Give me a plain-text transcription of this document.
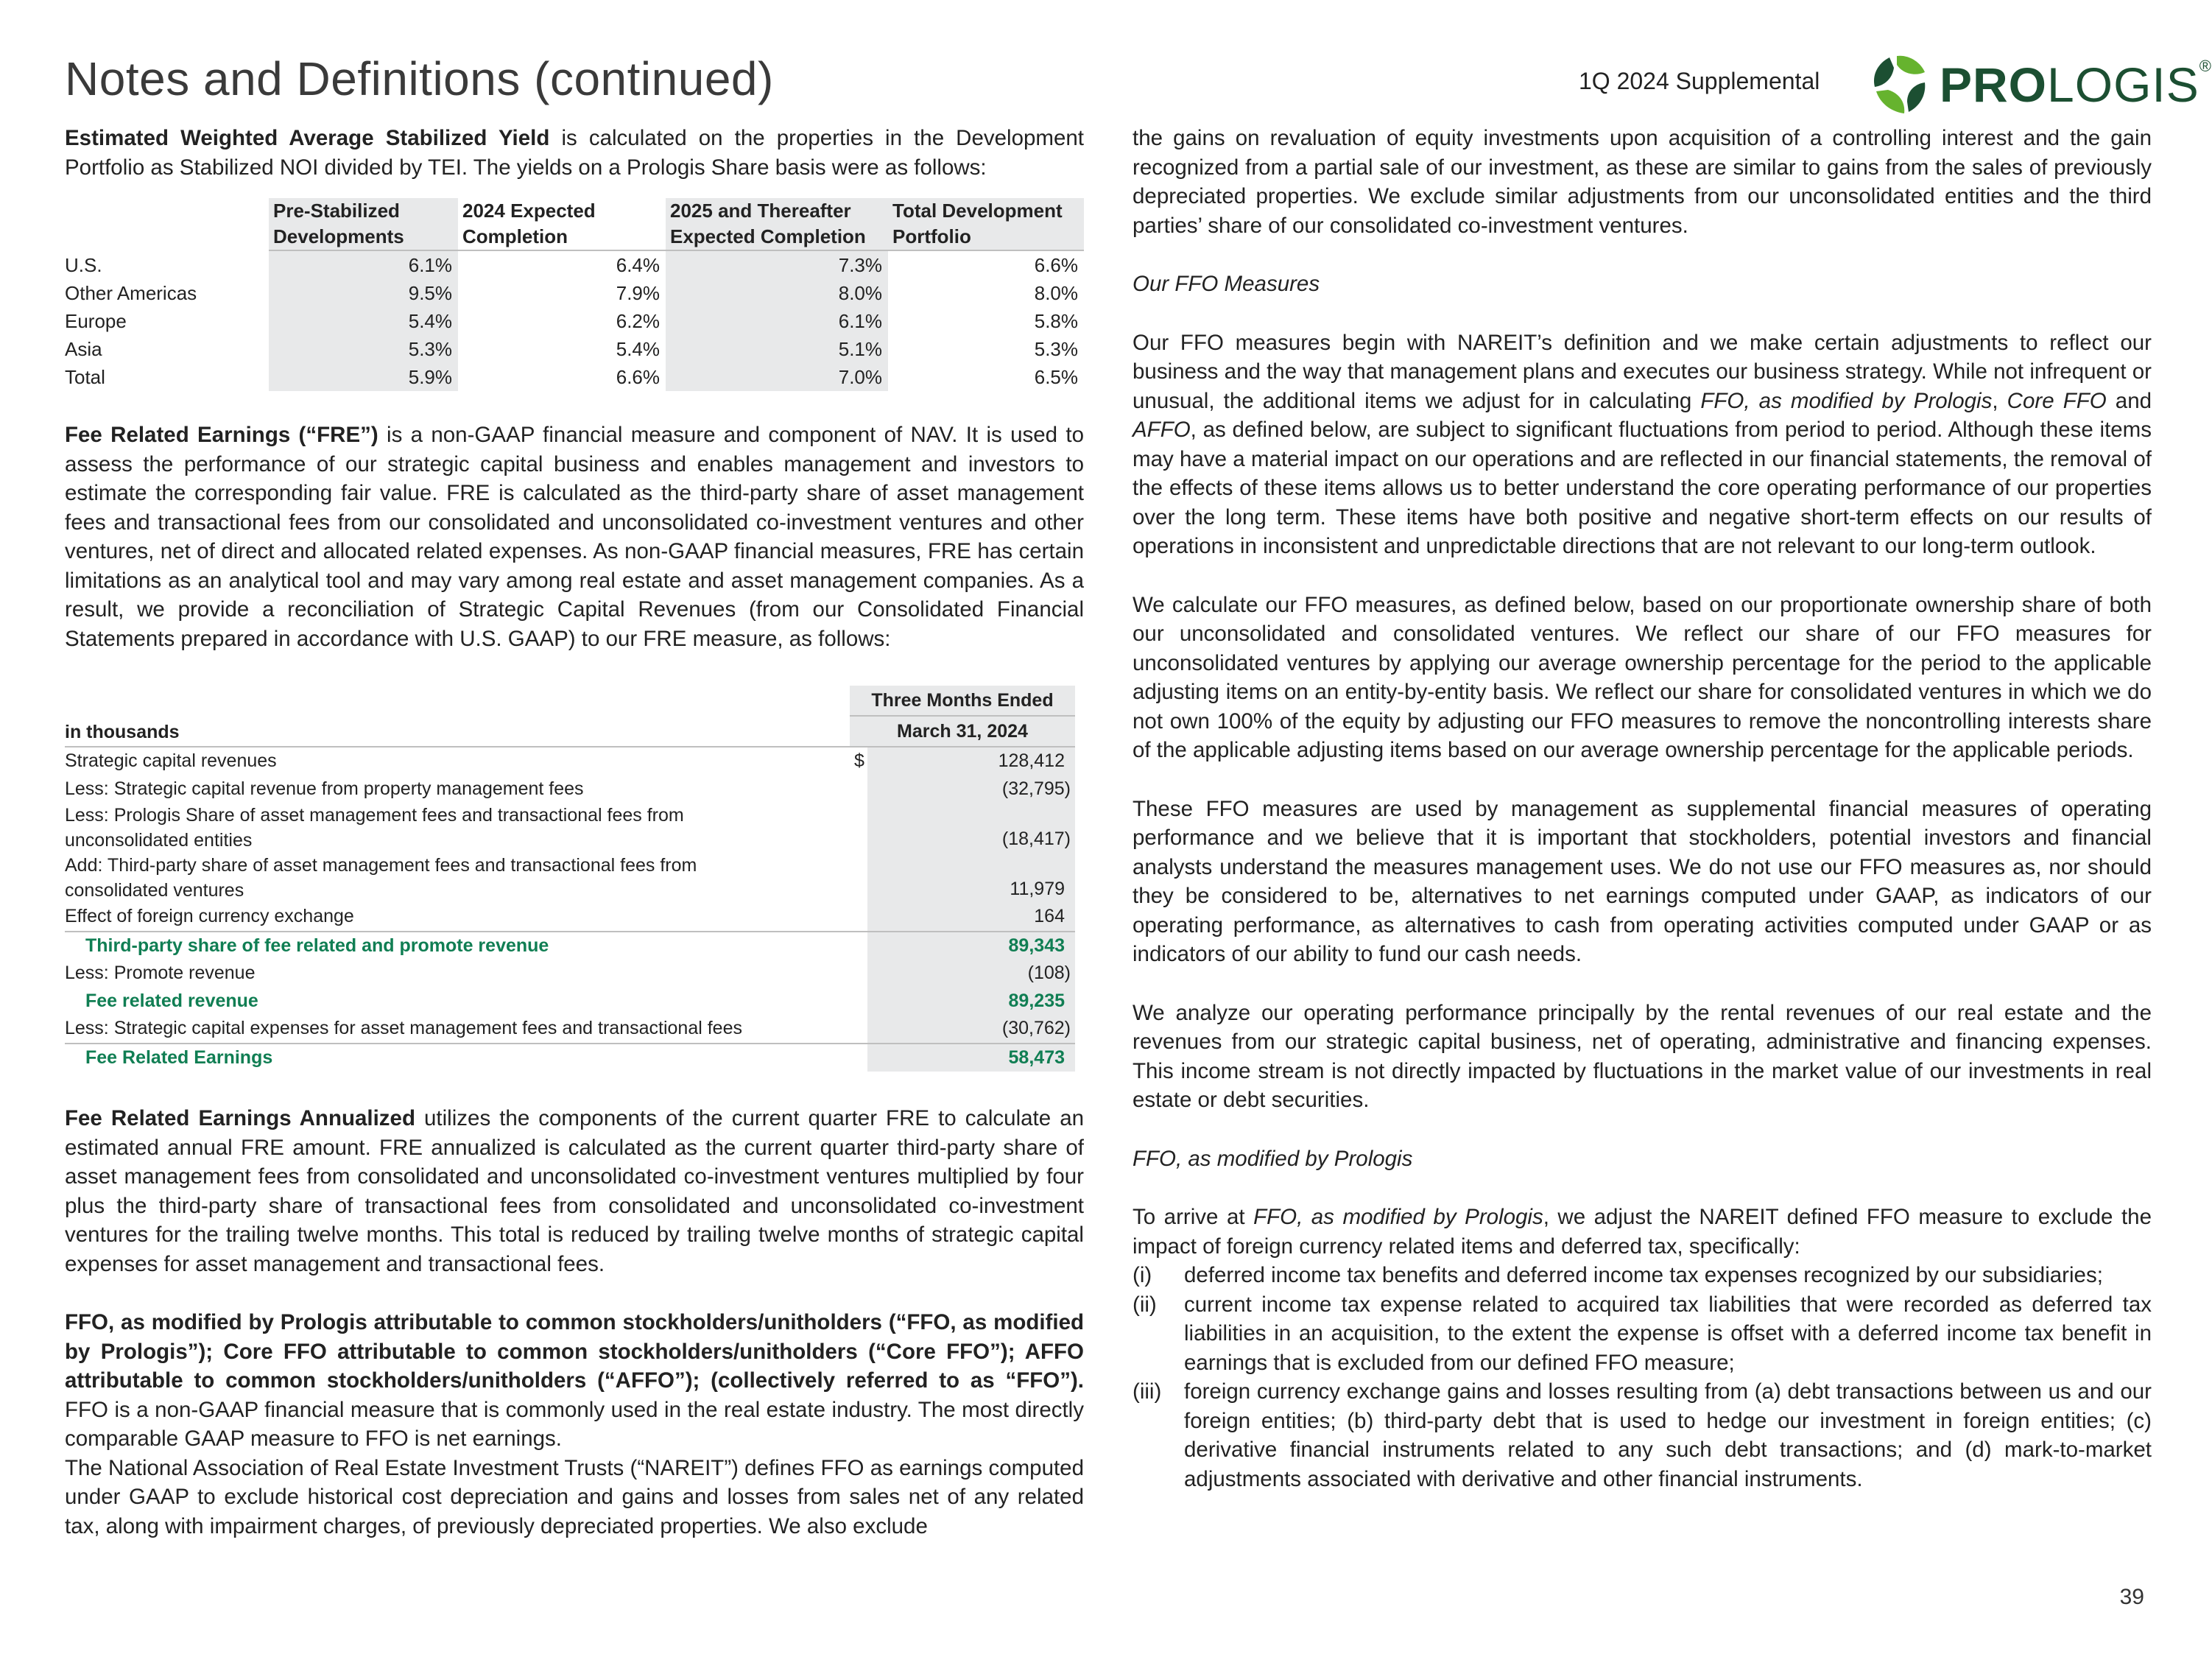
Notes and Definitions (continued)	1Q 2024 Supplemental PROLOGIS®

Estimated Weighted Average Stabilized Yield is calculated on the properties in the Development Portfolio as Stabilized NOI divided by TEI. The yields on a Prologis Share basis were as follows:

	Pre-Stabilized Developments	2024 Expected Completion	2025 and Thereafter Expected Completion	Total Development Portfolio
U.S.	6.1%	6.4%	7.3%	6.6%
Other Americas	9.5%	7.9%	8.0%	8.0%
Europe	5.4%	6.2%	6.1%	5.8%
Asia	5.3%	5.4%	5.1%	5.3%
Total	5.9%	6.6%	7.0%	6.5%

Fee Related Earnings (“FRE”) is a non-GAAP financial measure and component of NAV. It is used to assess the performance of our strategic capital business and enables management and investors to estimate the corresponding fair value. FRE is calculated as the third-party share of asset management fees and transactional fees from our consolidated and unconsolidated co-investment ventures and other ventures, net of direct and allocated related expenses. As non-GAAP financial measures, FRE has certain limitations as an analytical tool and may vary among real estate and asset management companies. As a result, we provide a reconciliation of Strategic Capital Revenues (from our Consolidated Financial Statements prepared in accordance with U.S. GAAP) to our FRE measure, as follows:

	Three Months Ended	
in thousands	March 31, 2024	
Strategic capital revenues	$	128,412
Less: Strategic capital revenue from property management fees		(32,795)
Less: Prologis Share of asset management fees and transactional fees from unconsolidated entities		(18,417)
Add: Third-party share of asset management fees and transactional fees from consolidated ventures		11,979
Effect of foreign currency exchange		164
Third-party share of fee related and promote revenue		89,343
Less: Promote revenue		(108)
Fee related revenue		89,235
Less: Strategic capital expenses for asset management fees and transactional fees		(30,762)
Fee Related Earnings		58,473

Fee Related Earnings Annualized utilizes the components of the current quarter FRE to calculate an estimated annual FRE amount. FRE annualized is calculated as the current quarter third-party share of asset management fees from consolidated and unconsolidated co-investment ventures multiplied by four plus the third-party share of transactional fees from consolidated and unconsolidated co-investment ventures for the trailing twelve months. This total is reduced by trailing twelve months of strategic capital expenses for asset management and transactional fees.

FFO, as modified by Prologis attributable to common stockholders/unitholders (“FFO, as modified by Prologis”); Core FFO attributable to common stockholders/unitholders (“Core FFO”); AFFO attributable to common stockholders/unitholders (“AFFO”); (collectively referred to as “FFO”). FFO is a non-GAAP financial measure that is commonly used in the real estate industry. The most directly comparable GAAP measure to FFO is net earnings.

The National Association of Real Estate Investment Trusts (“NAREIT”) defines FFO as earnings computed under GAAP to exclude historical cost depreciation and gains and losses from sales net of any related tax, along with impairment charges, of previously depreciated properties. We also exclude

the gains on revaluation of equity investments upon acquisition of a controlling interest and the gain recognized from a partial sale of our investment, as these are similar to gains from the sales of previously depreciated properties. We exclude similar adjustments from our unconsolidated entities and the third parties’ share of our consolidated co-investment ventures.

Our FFO Measures

Our FFO measures begin with NAREIT’s definition and we make certain adjustments to reflect our business and the way that management plans and executes our business strategy. While not infrequent or unusual, the additional items we adjust for in calculating FFO, as modified by Prologis, Core FFO and AFFO, as defined below, are subject to significant fluctuations from period to period. Although these items may have a material impact on our operations and are reflected in our financial statements, the removal of the effects of these items allows us to better understand the core operating performance of our properties over the long term. These items have both positive and negative short-term effects on our results of operations in inconsistent and unpredictable directions that are not relevant to our long-term outlook.

We calculate our FFO measures, as defined below, based on our proportionate ownership share of both our unconsolidated and consolidated ventures. We reflect our share of our FFO measures for unconsolidated ventures by applying our average ownership percentage for the period to the applicable adjusting items on an entity-by-entity basis. We reflect our share for consolidated ventures in which we do not own 100% of the equity by adjusting our FFO measures to remove the noncontrolling interests share of the applicable adjusting items based on our average ownership percentage for the applicable periods.

These FFO measures are used by management as supplemental financial measures of operating performance and we believe that it is important that stockholders, potential investors and financial analysts understand the measures management uses. We do not use our FFO measures as, nor should they be considered to be, alternatives to net earnings computed under GAAP, as indicators of our operating performance, as alternatives to cash from operating activities computed under GAAP or as indicators of our ability to fund our cash needs.

We analyze our operating performance principally by the rental revenues of our real estate and the revenues from our strategic capital business, net of operating, administrative and financing expenses. This income stream is not directly impacted by fluctuations in the market value of our investments in real estate or debt securities.

FFO, as modified by Prologis

To arrive at FFO, as modified by Prologis, we adjust the NAREIT defined FFO measure to exclude the impact of foreign currency related items and deferred tax, specifically:

(i)	deferred income tax benefits and deferred income tax expenses recognized by our subsidiaries;
(ii)	current income tax expense related to acquired tax liabilities that were recorded as deferred tax liabilities in an acquisition, to the extent the expense is offset with a deferred income tax benefit in earnings that is excluded from our defined FFO measure;
(iii)	foreign currency exchange gains and losses resulting from (a) debt transactions between us and our foreign entities; (b) third-party debt that is used to hedge our investment in foreign entities; (c) derivative financial instruments related to any such debt transactions; and (d) mark-to-market adjustments associated with derivative and other financial instruments.
39
